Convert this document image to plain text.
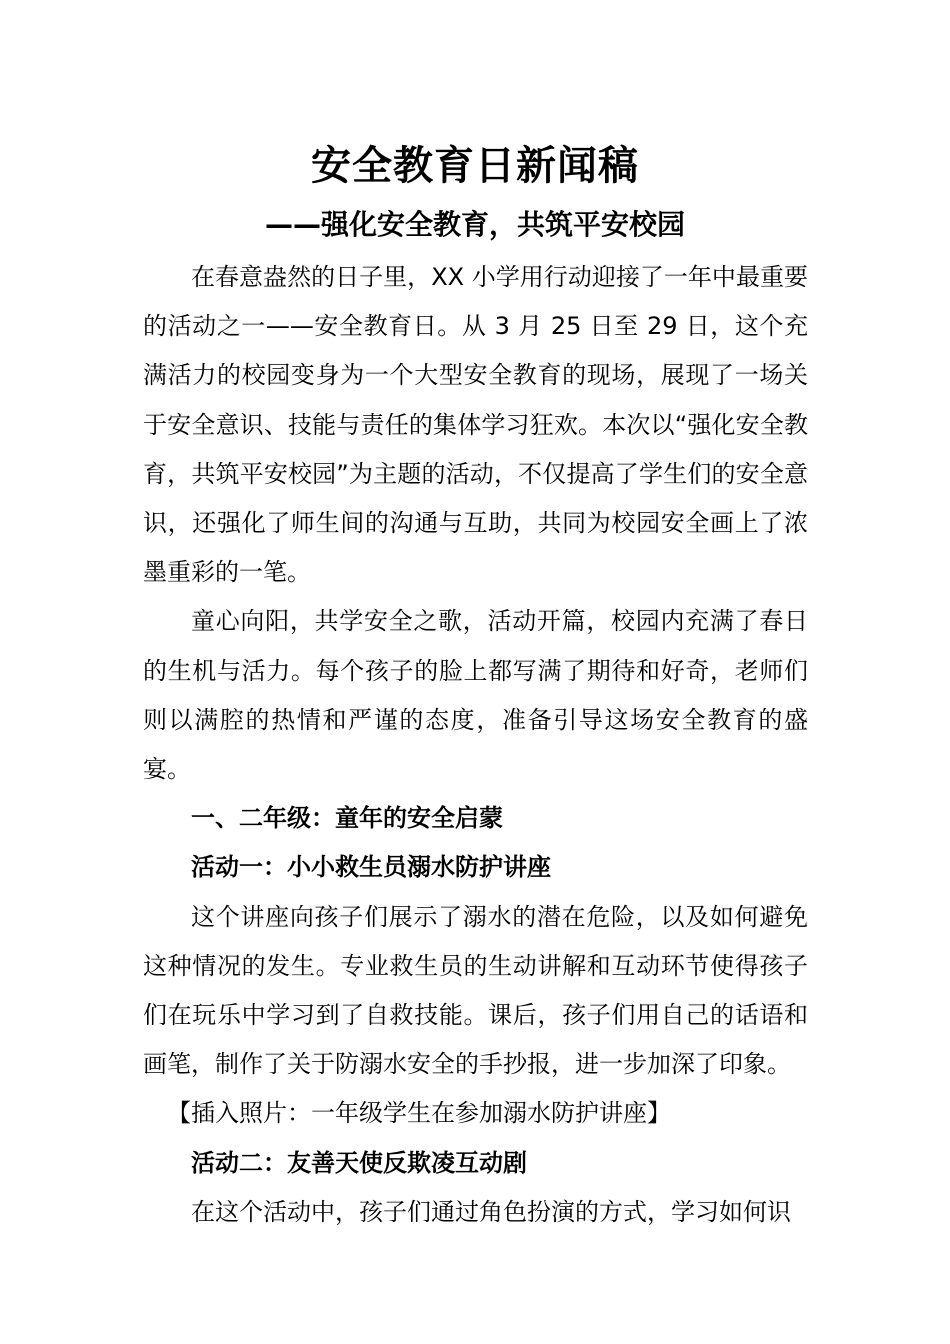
安全教育日新闻稿
——强化安全教育，共筑平安校园

在春意盎然的日子里，XX 小学用行动迎接了一年中最重要的活动之一——安全教育日。从 3 月 25 日至 29 日，这个充满活力的校园变身为一个大型安全教育的现场，展现了一场关于安全意识、技能与责任的集体学习狂欢。本次以“强化安全教育，共筑平安校园”为主题的活动，不仅提高了学生们的安全意识，还强化了师生间的沟通与互助，共同为校园安全画上了浓墨重彩的一笔。

童心向阳，共学安全之歌，活动开篇，校园内充满了春日的生机与活力。每个孩子的脸上都写满了期待和好奇，老师们则以满腔的热情和严谨的态度，准备引导这场安全教育的盛宴。

一、二年级：童年的安全启蒙

活动一：小小救生员溺水防护讲座

这个讲座向孩子们展示了溺水的潜在危险，以及如何避免这种情况的发生。专业救生员的生动讲解和互动环节使得孩子们在玩乐中学习到了自救技能。课后，孩子们用自己的话语和画笔，制作了关于防溺水安全的手抄报，进一步加深了印象。

【插入照片：一年级学生在参加溺水防护讲座】

活动二：友善天使反欺凌互动剧

在这个活动中，孩子们通过角色扮演的方式，学习如何识
